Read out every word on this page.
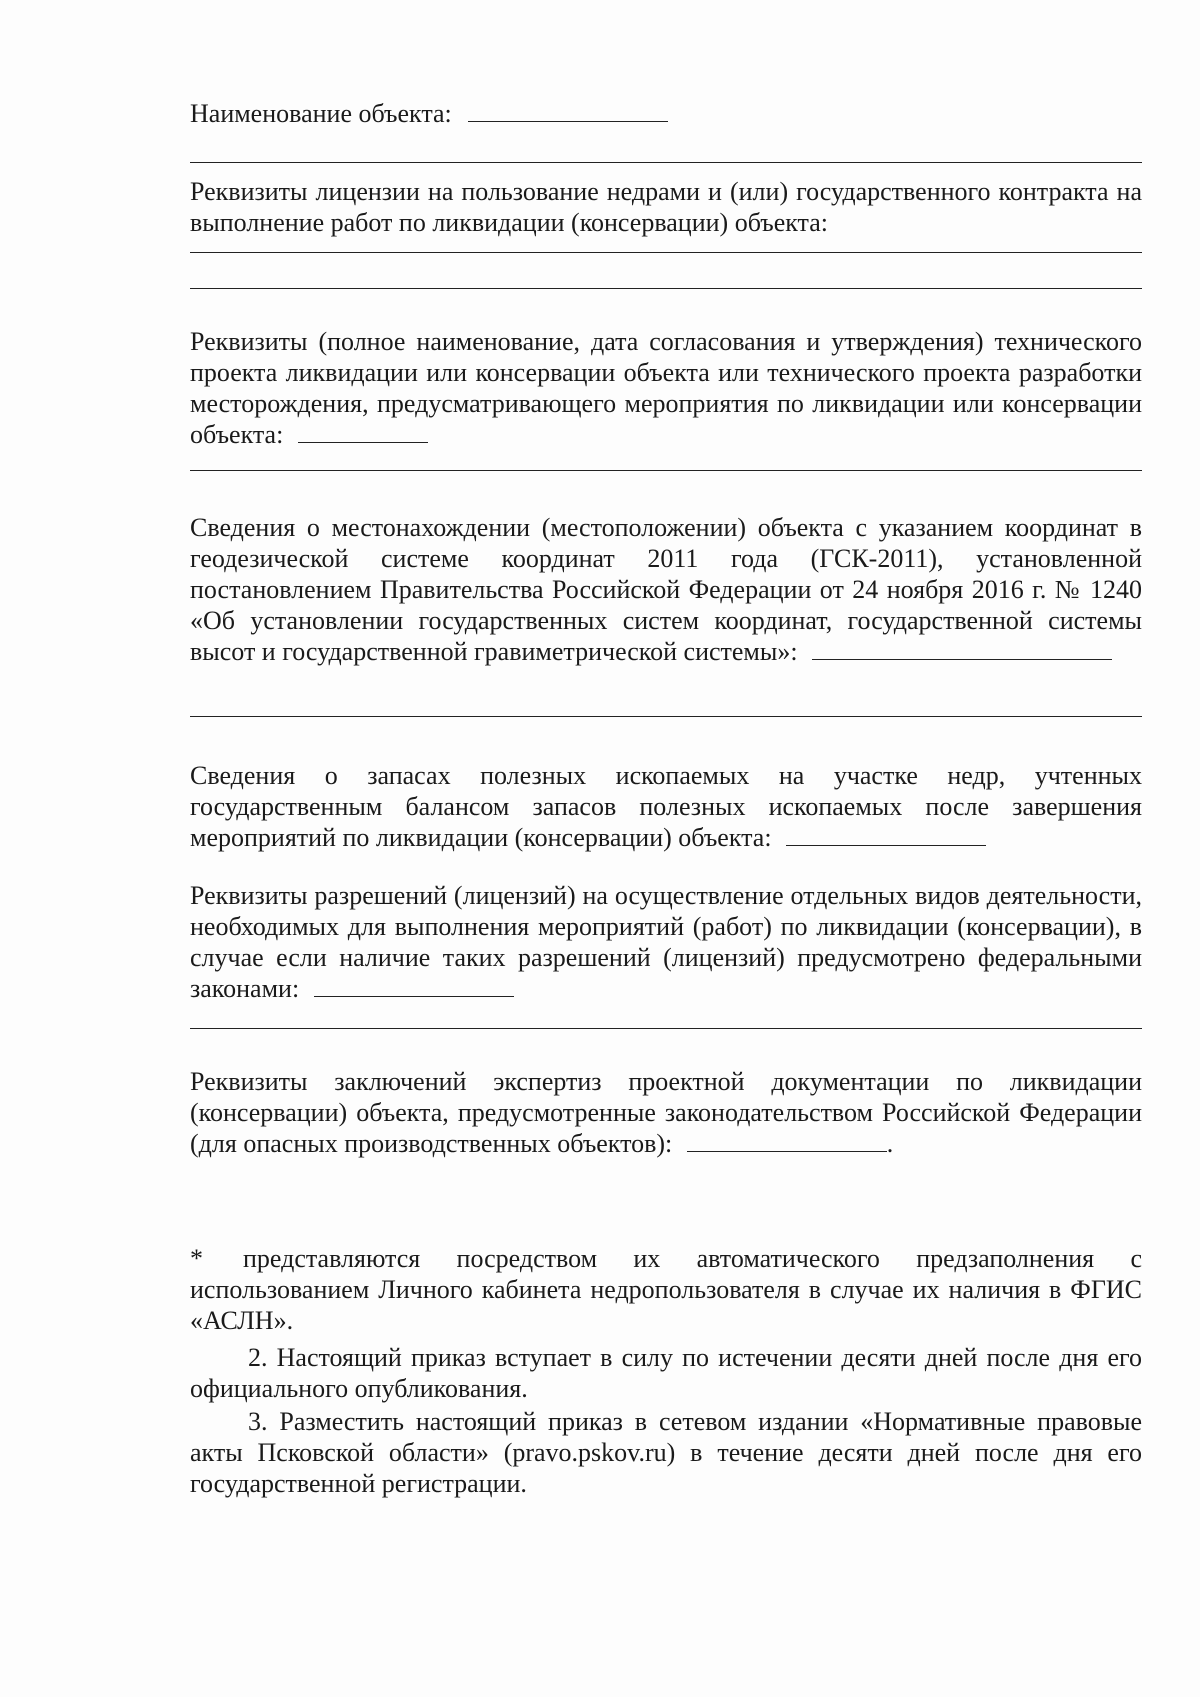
Наименование объекта:
Реквизиты лицензии на пользование недрами и (или) государственного контракта на выполнение работ по ликвидации (консервации) объекта:
Реквизиты (полное наименование, дата согласования и утверждения) технического проекта ликвидации или консервации объекта или технического проекта разработки месторождения, предусматривающего мероприятия по ликвидации или консервации объекта:
Сведения о местонахождении (местоположении) объекта с указанием координат в геодезической системе координат 2011 года (ГСК-2011), установленной постановлением Правительства Российской Федерации от 24 ноября 2016 г. № 1240 «Об установлении государственных систем координат, государственной системы высот и государственной гравиметрической системы»:
Сведения о запасах полезных ископаемых на участке недр, учтенных государственным балансом запасов полезных ископаемых после завершения мероприятий по ликвидации (консервации) объекта:
Реквизиты разрешений (лицензий) на осуществление отдельных видов деятельности, необходимых для выполнения мероприятий (работ) по ликвидации (консервации), в случае если наличие таких разрешений (лицензий) предусмотрено федеральными законами:
Реквизиты заключений экспертиз проектной документации по ликвидации (консервации) объекта, предусмотренные законодательством Российской Федерации (для опасных производственных объектов):	.
* представляются посредством их автоматического предзаполнения с использованием Личного кабинета недропользователя в случае их наличия в ФГИС «АСЛН».
2. Настоящий приказ вступает в силу по истечении десяти дней после дня его официального опубликования.
3. Разместить настоящий приказ в сетевом издании «Нормативные правовые акты Псковской области» (pravo.pskov.ru) в течение десяти дней после дня его государственной регистрации.
